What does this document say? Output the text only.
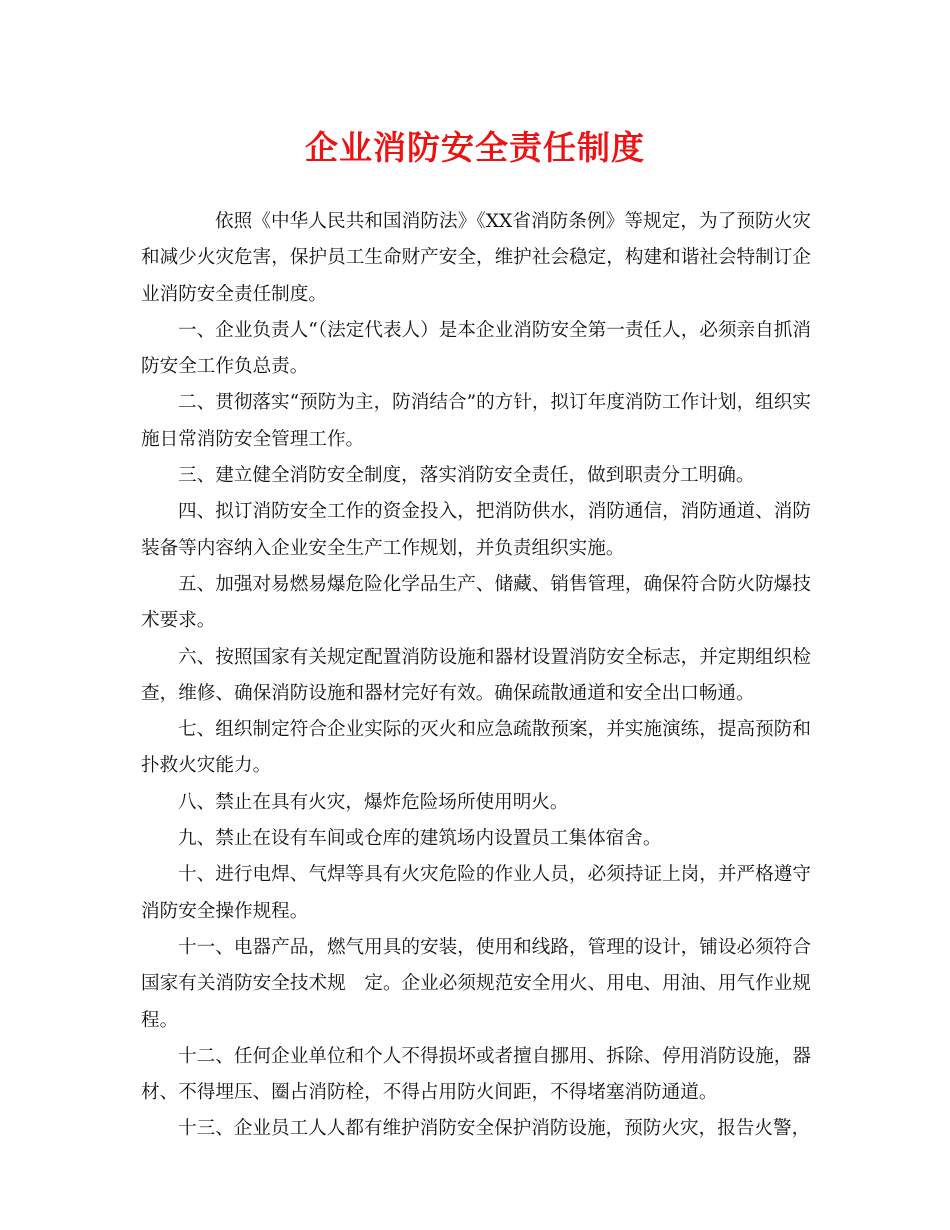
企业消防安全责任制度

依照《中华人民共和国消防法》《XX省消防条例》等规定，为了预防火灾和减少火灾危害，保护员工生命财产安全，维护社会稳定，构建和谐社会特制订企业消防安全责任制度。

一、企业负责人“（法定代表人）是本企业消防安全第一责任人，必须亲自抓消防安全工作负总责。

二、贯彻落实“预防为主，防消结合”的方针，拟订年度消防工作计划，组织实施日常消防安全管理工作。

三、建立健全消防安全制度，落实消防安全责任，做到职责分工明确。

四、拟订消防安全工作的资金投入，把消防供水，消防通信，消防通道、消防装备等内容纳入企业安全生产工作规划，并负责组织实施。

五、加强对易燃易爆危险化学品生产、储藏、销售管理，确保符合防火防爆技术要求。

六、按照国家有关规定配置消防设施和器材设置消防安全标志，并定期组织检查，维修、确保消防设施和器材完好有效。确保疏散通道和安全出口畅通。

七、组织制定符合企业实际的灭火和应急疏散预案，并实施演练，提高预防和扑救火灾能力。

八、禁止在具有火灾，爆炸危险场所使用明火。

九、禁止在设有车间或仓库的建筑场内设置员工集体宿舍。

十、进行电焊、气焊等具有火灾危险的作业人员，必须持证上岗，并严格遵守消防安全操作规程。

十一、电器产品，燃气用具的安装，使用和线路，管理的设计，铺设必须符合国家有关消防安全技术规　定。企业必须规范安全用火、用电、用油、用气作业规程。

十二、任何企业单位和个人不得损坏或者擅自挪用、拆除、停用消防设施，器材、不得埋压、圈占消防栓，不得占用防火间距，不得堵塞消防通道。

十三、企业员工人人都有维护消防安全保护消防设施，预防火灾，报告火警，
